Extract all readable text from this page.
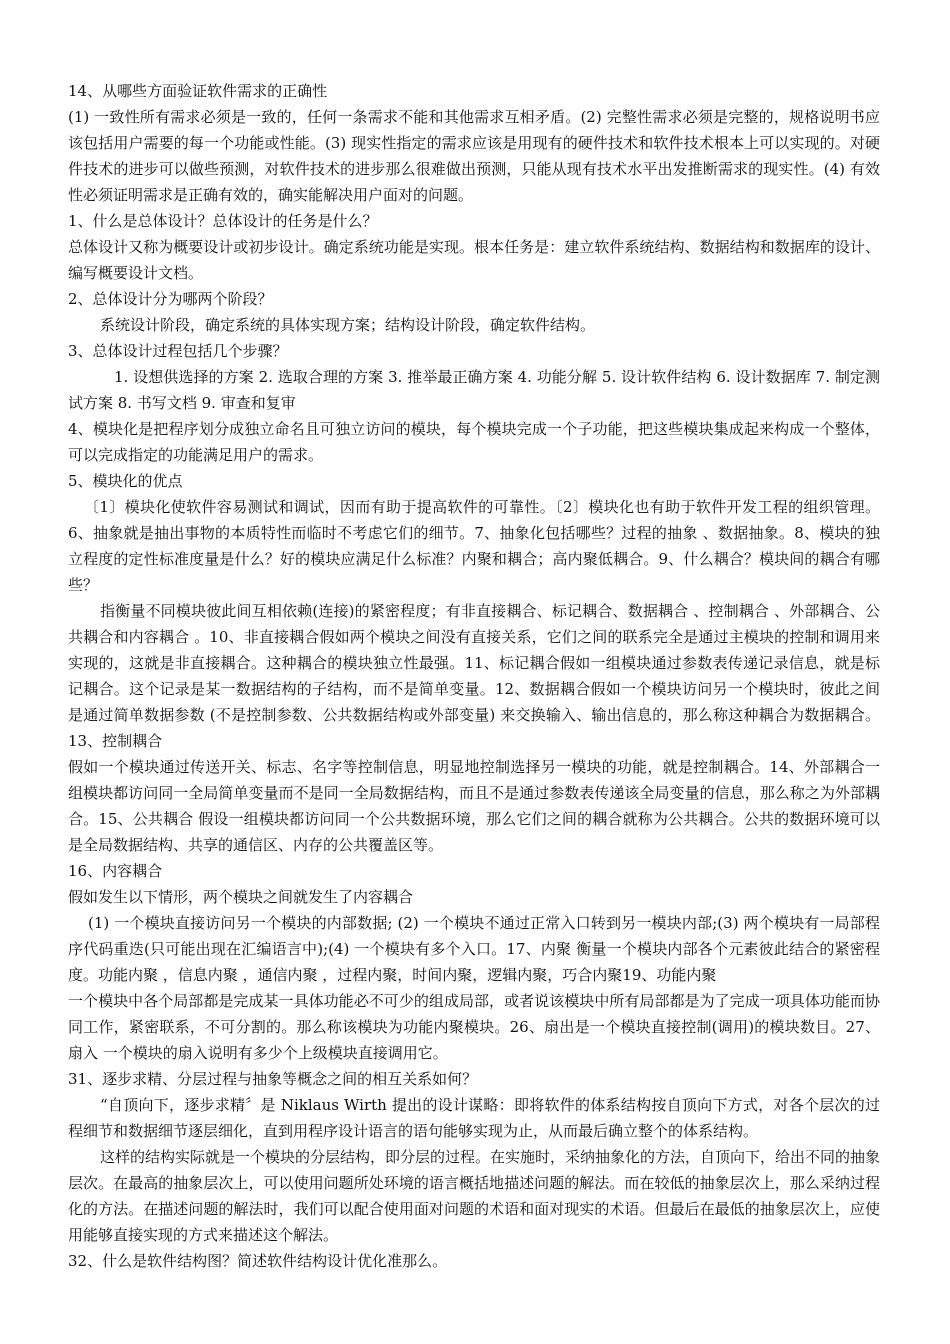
14、从哪些方面验证软件需求的正确性

(1) 一致性所有需求必须是一致的，任何一条需求不能和其他需求互相矛盾。(2) 完整性需求必须是完整的，规格说明书应该包括用户需要的每一个功能或性能。(3) 现实性指定的需求应该是用现有的硬件技术和软件技术根本上可以实现的。对硬件技术的进步可以做些预测，对软件技术的进步那么很难做出预测，只能从现有技术水平出发推断需求的现实性。(4) 有效性必须证明需求是正确有效的，确实能解决用户面对的问题。

1、什么是总体设计？总体设计的任务是什么？

总体设计又称为概要设计或初步设计。确定系统功能是实现。根本任务是：建立软件系统结构、数据结构和数据库的设计、编写概要设计文档。

2、总体设计分为哪两个阶段？

系统设计阶段，确定系统的具体实现方案；结构设计阶段，确定软件结构。

3、总体设计过程包括几个步骤？

1. 设想供选择的方案 2. 选取合理的方案 3. 推举最正确方案 4. 功能分解 5. 设计软件结构 6. 设计数据库 7. 制定测试方案 8. 书写文档 9. 审查和复审

4、模块化是把程序划分成独立命名且可独立访问的模块，每个模块完成一个子功能，把这些模块集成起来构成一个整体，可以完成指定的功能满足用户的需求。

5、模块化的优点

〔1〕模块化使软件容易测试和调试，因而有助于提高软件的可靠性。〔2〕模块化也有助于软件开发工程的组织管理。6、抽象就是抽出事物的本质特性而临时不考虑它们的细节。7、抽象化包括哪些？过程的抽象 、数据抽象。8、模块的独立程度的定性标准度量是什么？好的模块应满足什么标准？内聚和耦合；高内聚低耦合。9、什么耦合？模块间的耦合有哪些？

指衡量不同模块彼此间互相依赖(连接)的紧密程度；有非直接耦合、标记耦合、数据耦合 、控制耦合 、外部耦合、公共耦合和内容耦合 。10、非直接耦合假如两个模块之间没有直接关系，它们之间的联系完全是通过主模块的控制和调用来实现的，这就是非直接耦合。这种耦合的模块独立性最强。11、标记耦合假如一组模块通过参数表传递记录信息，就是标记耦合。这个记录是某一数据结构的子结构，而不是简单变量。12、数据耦合假如一个模块访问另一个模块时，彼此之间是通过简单数据参数 (不是控制参数、公共数据结构或外部变量) 来交换输入、输出信息的，那么称这种耦合为数据耦合。13、控制耦合

假如一个模块通过传送开关、标志、名字等控制信息，明显地控制选择另一模块的功能，就是控制耦合。14、外部耦合一组模块都访问同一全局简单变量而不是同一全局数据结构，而且不是通过参数表传递该全局变量的信息，那么称之为外部耦合。15、公共耦合 假设一组模块都访问同一个公共数据环境，那么它们之间的耦合就称为公共耦合。公共的数据环境可以是全局数据结构、共享的通信区、内存的公共覆盖区等。

16、内容耦合

假如发生以下情形，两个模块之间就发生了内容耦合

(1) 一个模块直接访问另一个模块的内部数据; (2) 一个模块不通过正常入口转到另一模块内部;(3) 两个模块有一局部程序代码重迭(只可能出现在汇编语言中);(4) 一个模块有多个入口。17、内聚 衡量一个模块内部各个元素彼此结合的紧密程度。功能内聚 ，信息内聚 ，通信内聚 ，过程内聚，时间内聚，逻辑内聚，巧合内聚19、功能内聚

一个模块中各个局部都是完成某一具体功能必不可少的组成局部，或者说该模块中所有局部都是为了完成一项具体功能而协同工作，紧密联系，不可分割的。那么称该模块为功能内聚模块。26、扇出是一个模块直接控制(调用)的模块数目。27、扇入 一个模块的扇入说明有多少个上级模块直接调用它。

31、逐步求精、分层过程与抽象等概念之间的相互关系如何？

“自顶向下，逐步求精〞是 Niklaus Wirth 提出的设计谋略：即将软件的体系结构按自顶向下方式，对各个层次的过程细节和数据细节逐层细化，直到用程序设计语言的语句能够实现为止，从而最后确立整个的体系结构。

这样的结构实际就是一个模块的分层结构，即分层的过程。在实施时，采纳抽象化的方法，自顶向下，给出不同的抽象层次。在最高的抽象层次上，可以使用问题所处环境的语言概括地描述问题的解法。而在较低的抽象层次上，那么采纳过程化的方法。在描述问题的解法时，我们可以配合使用面对问题的术语和面对现实的术语。但最后在最低的抽象层次上，应使用能够直接实现的方式来描述这个解法。

32、什么是软件结构图？简述软件结构设计优化准那么。
